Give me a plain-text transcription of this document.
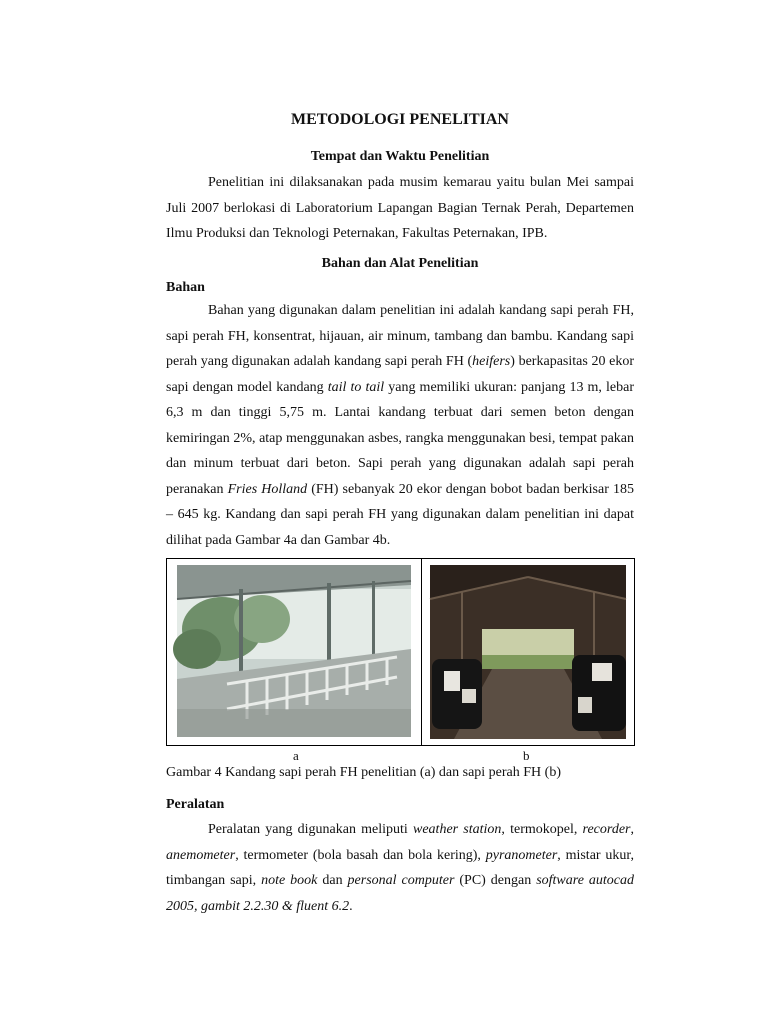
METODOLOGI PENELITIAN
Tempat dan Waktu Penelitian

Penelitian ini dilaksanakan pada musim kemarau yaitu bulan Mei sampai Juli 2007 berlokasi di Laboratorium Lapangan Bagian Ternak Perah, Departemen Ilmu Produksi dan Teknologi Peternakan, Fakultas Peternakan, IPB.

Bahan dan Alat Penelitian
Bahan

Bahan yang digunakan dalam penelitian ini adalah kandang sapi perah FH, sapi perah FH, konsentrat, hijauan, air minum, tambang dan bambu. Kandang sapi perah yang digunakan adalah kandang sapi perah FH (heifers) berkapasitas 20 ekor sapi dengan model kandang tail to tail yang memiliki ukuran: panjang 13 m, lebar 6,3 m dan tinggi 5,75 m. Lantai kandang terbuat dari semen beton dengan kemiringan 2%, atap menggunakan asbes, rangka menggunakan besi, tempat pakan dan minum terbuat dari beton. Sapi perah yang digunakan adalah sapi perah peranakan Fries Holland (FH) sebanyak 20 ekor dengan bobot badan berkisar 185 – 645 kg. Kandang dan sapi perah FH yang digunakan dalam penelitian ini dapat dilihat pada Gambar 4a dan Gambar 4b.

a	b
Gambar 4 Kandang sapi perah FH penelitian (a) dan sapi perah FH (b)
Peralatan

Peralatan yang digunakan meliputi weather station, termokopel, recorder, anemometer, termometer (bola basah dan bola kering), pyranometer, mistar ukur, timbangan sapi, note book dan personal computer (PC) dengan software autocad 2005, gambit 2.2.30 & fluent 6.2.
